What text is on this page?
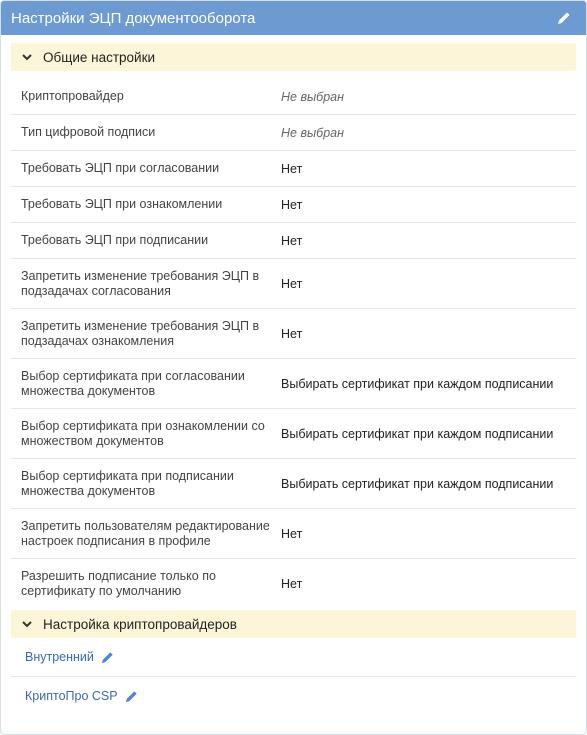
Настройки ЭЦП документооборота
Общие настройки
Криптопровайдер	Не выбран
Тип цифровой подписи	Не выбран
Требовать ЭЦП при согласовании	Нет
Требовать ЭЦП при ознакомлении	Нет
Требовать ЭЦП при подписании	Нет
Запретить изменение требования ЭЦП в подзадачах согласования	Нет
Запретить изменение требования ЭЦП в подзадачах ознакомления	Нет
Выбор сертификата при согласовании множества документов	Выбирать сертификат при каждом подписании
Выбор сертификата при ознакомлении со множеством документов	Выбирать сертификат при каждом подписании
Выбор сертификата при подписании множества документов	Выбирать сертификат при каждом подписании
Запретить пользователям редактирование настроек подписания в профиле	Нет
Разрешить подписание только по сертификату по умолчанию	Нет
Настройка криптопровайдеров
Внутренний
КриптоПро CSP
